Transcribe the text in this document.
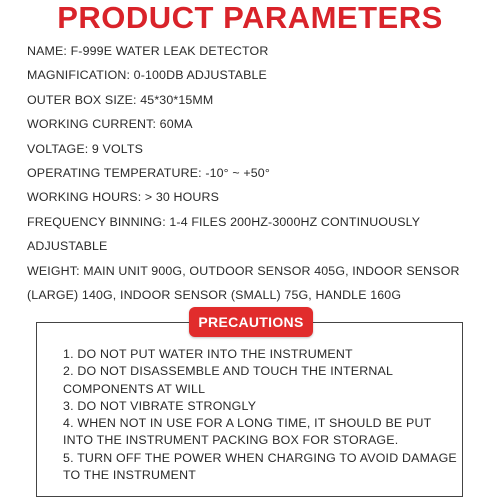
PRODUCT PARAMETERS
NAME: F-999E WATER LEAK DETECTOR
MAGNIFICATION: 0-100DB ADJUSTABLE
OUTER BOX SIZE: 45*30*15MM
WORKING CURRENT: 60MA
VOLTAGE: 9 VOLTS
OPERATING TEMPERATURE: -10° ~ +50°
WORKING HOURS: > 30 HOURS
FREQUENCY BINNING: 1-4 FILES 200HZ-3000HZ CONTINUOUSLY ADJUSTABLE
WEIGHT: MAIN UNIT 900G, OUTDOOR SENSOR 405G, INDOOR SENSOR (LARGE) 140G, INDOOR SENSOR (SMALL) 75G, HANDLE 160G
PRECAUTIONS
1. DO NOT PUT WATER INTO THE INSTRUMENT
2. DO NOT DISASSEMBLE AND TOUCH THE INTERNAL COMPONENTS AT WILL
3. DO NOT VIBRATE STRONGLY
4. WHEN NOT IN USE FOR A LONG TIME, IT SHOULD BE PUT INTO THE INSTRUMENT PACKING BOX FOR STORAGE.
5. TURN OFF THE POWER WHEN CHARGING TO AVOID DAMAGE TO THE INSTRUMENT
